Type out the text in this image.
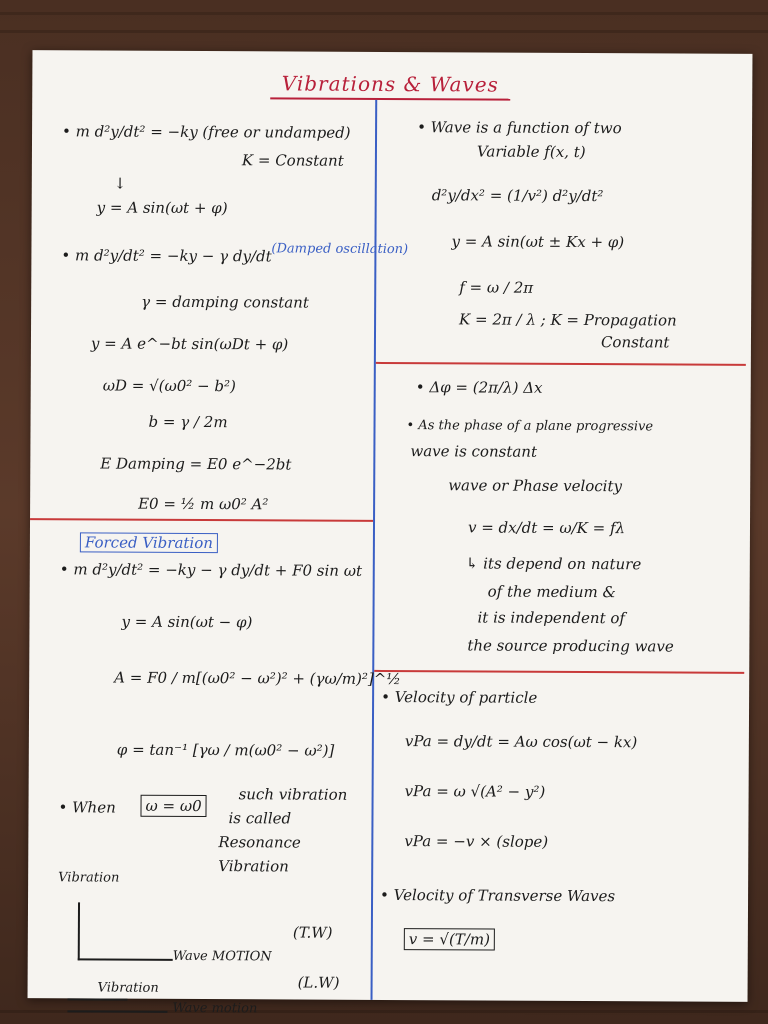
Vibrations & Waves
• m d²y/dt² = −ky (free or undamped)
K = Constant
↓
y = A sin(ωt + φ)
• m d²y/dt² = −ky − γ dy/dt (Damped oscillation)
γ = damping constant
y = A e^−bt sin(ωDt + φ)
ωD = √(ω0² − b²)
b = γ / 2m
E Damping = E0 e^−2bt
E0 = ½ m ω0² A²
Forced Vibration
• m d²y/dt² = −ky − γ dy/dt + F0 sin ωt
y = A sin(ωt − φ)
A = F0 / m[(ω0² − ω²)² + (γω/m)²]^½
φ = tan⁻¹ [γω / m(ω0² − ω²)]
• When	ω = ω0
such vibration
is called
Resonance
Vibration
Vibration
Wave MOTION
(T.W)
Vibration	(L.W)
Wave motion
• Wave is a function of two
Variable f(x, t)
d²y/dx² = (1/v²) d²y/dt²
y = A sin(ωt ± Kx + φ)
f = ω / 2π
K = 2π / λ ; K = Propagation
Constant
• Δφ = (2π/λ) Δx
• As the phase of a plane progressive
wave is constant
wave or Phase velocity
v = dx/dt = ω/K = fλ
↳ its depend on nature
of the medium &
it is independent of
the source producing wave
• Velocity of particle
vPa = dy/dt = Aω cos(ωt − kx)
vPa = ω √(A² − y²)
vPa = −v × (slope)
• Velocity of Transverse Waves
v = √(T/m)
